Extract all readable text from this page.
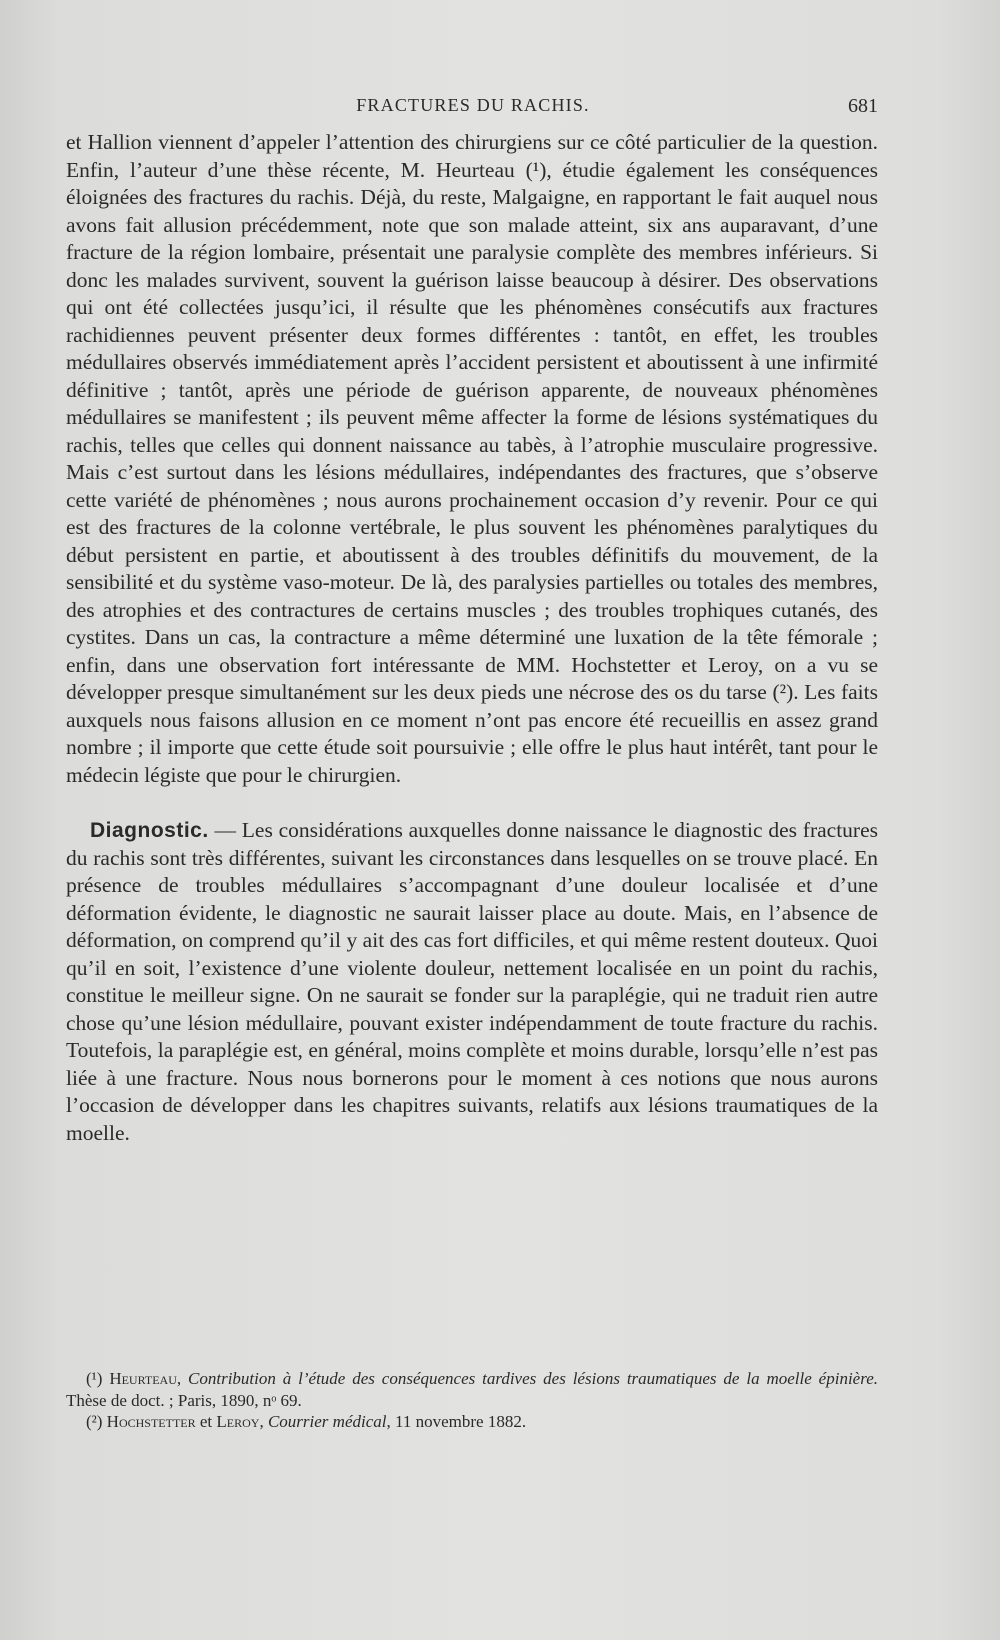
FRACTURES DU RACHIS.	681

et Hallion viennent d’appeler l’attention des chirurgiens sur ce côté particulier de la question. Enfin, l’auteur d’une thèse récente, M. Heurteau (¹), étudie également les conséquences éloignées des fractures du rachis. Déjà, du reste, Malgaigne, en rapportant le fait auquel nous avons fait allusion précédemment, note que son malade atteint, six ans auparavant, d’une fracture de la région lombaire, présentait une paralysie complète des membres inférieurs. Si donc les malades survivent, souvent la guérison laisse beaucoup à désirer. Des observations qui ont été collectées jusqu’ici, il résulte que les phénomènes consécutifs aux fractures rachidiennes peuvent présenter deux formes différentes : tantôt, en effet, les troubles médullaires observés immédiatement après l’accident persistent et aboutissent à une infirmité définitive ; tantôt, après une période de guérison apparente, de nouveaux phénomènes médullaires se manifestent ; ils peuvent même affecter la forme de lésions systématiques du rachis, telles que celles qui donnent naissance au tabès, à l’atrophie musculaire progressive. Mais c’est surtout dans les lésions médullaires, indépendantes des fractures, que s’observe cette variété de phénomènes ; nous aurons prochainement occasion d’y revenir. Pour ce qui est des fractures de la colonne vertébrale, le plus souvent les phénomènes paralytiques du début persistent en partie, et aboutissent à des troubles définitifs du mouvement, de la sensibilité et du système vaso-moteur. De là, des paralysies partielles ou totales des membres, des atrophies et des contractures de certains muscles ; des troubles trophiques cutanés, des cystites. Dans un cas, la contracture a même déterminé une luxation de la tête fémorale ; enfin, dans une observation fort intéressante de MM. Hochstetter et Leroy, on a vu se développer presque simultanément sur les deux pieds une nécrose des os du tarse (²). Les faits auxquels nous faisons allusion en ce moment n’ont pas encore été recueillis en assez grand nombre ; il importe que cette étude soit poursuivie ; elle offre le plus haut intérêt, tant pour le médecin légiste que pour le chirurgien.

Diagnostic. — Les considérations auxquelles donne naissance le diagnostic des fractures du rachis sont très différentes, suivant les circonstances dans lesquelles on se trouve placé. En présence de troubles médullaires s’accompagnant d’une douleur localisée et d’une déformation évidente, le diagnostic ne saurait laisser place au doute. Mais, en l’absence de déformation, on comprend qu’il y ait des cas fort difficiles, et qui même restent douteux. Quoi qu’il en soit, l’existence d’une violente douleur, nettement localisée en un point du rachis, constitue le meilleur signe. On ne saurait se fonder sur la paraplégie, qui ne traduit rien autre chose qu’une lésion médullaire, pouvant exister indépendamment de toute fracture du rachis. Toutefois, la paraplégie est, en général, moins complète et moins durable, lorsqu’elle n’est pas liée à une fracture. Nous nous bornerons pour le moment à ces notions que nous aurons l’occasion de développer dans les chapitres suivants, relatifs aux lésions traumatiques de la moelle.

(¹) Heurteau, Contribution à l’étude des conséquences tardives des lésions traumatiques de la moelle épinière. Thèse de doct. ; Paris, 1890, nᵒ 69.

(²) Hochstetter et Leroy, Courrier médical, 11 novembre 1882.
